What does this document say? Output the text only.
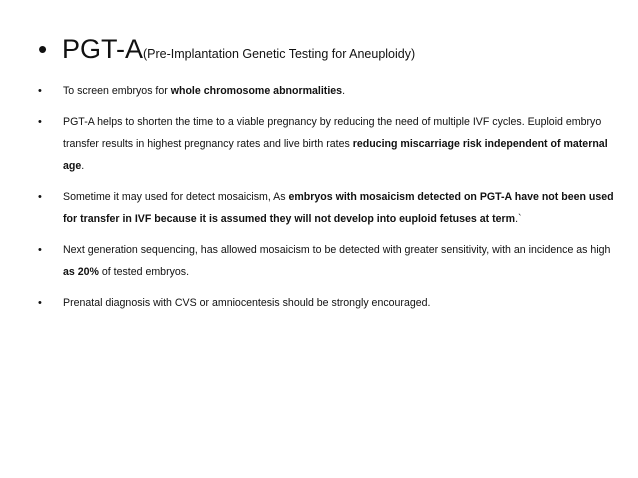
• PGT-A(Pre-Implantation Genetic Testing for Aneuploidy)
•	To screen embryos for whole chromosome abnormalities.
•	PGT-A helps to shorten the time to a viable pregnancy by reducing the need of multiple IVF cycles. Euploid embryo transfer results in highest pregnancy rates and live birth rates reducing miscarriage risk independent of maternal age.
•	Sometime it may used for detect mosaicism, As embryos with mosaicism detected on PGT-A have not been used for transfer in IVF because it is assumed they will not develop into euploid fetuses at term.`
•	Next generation sequencing, has allowed mosaicism to be detected with greater sensitivity, with an incidence as high as 20% of tested embryos.
•	Prenatal diagnosis with CVS or amniocentesis should be strongly encouraged.
